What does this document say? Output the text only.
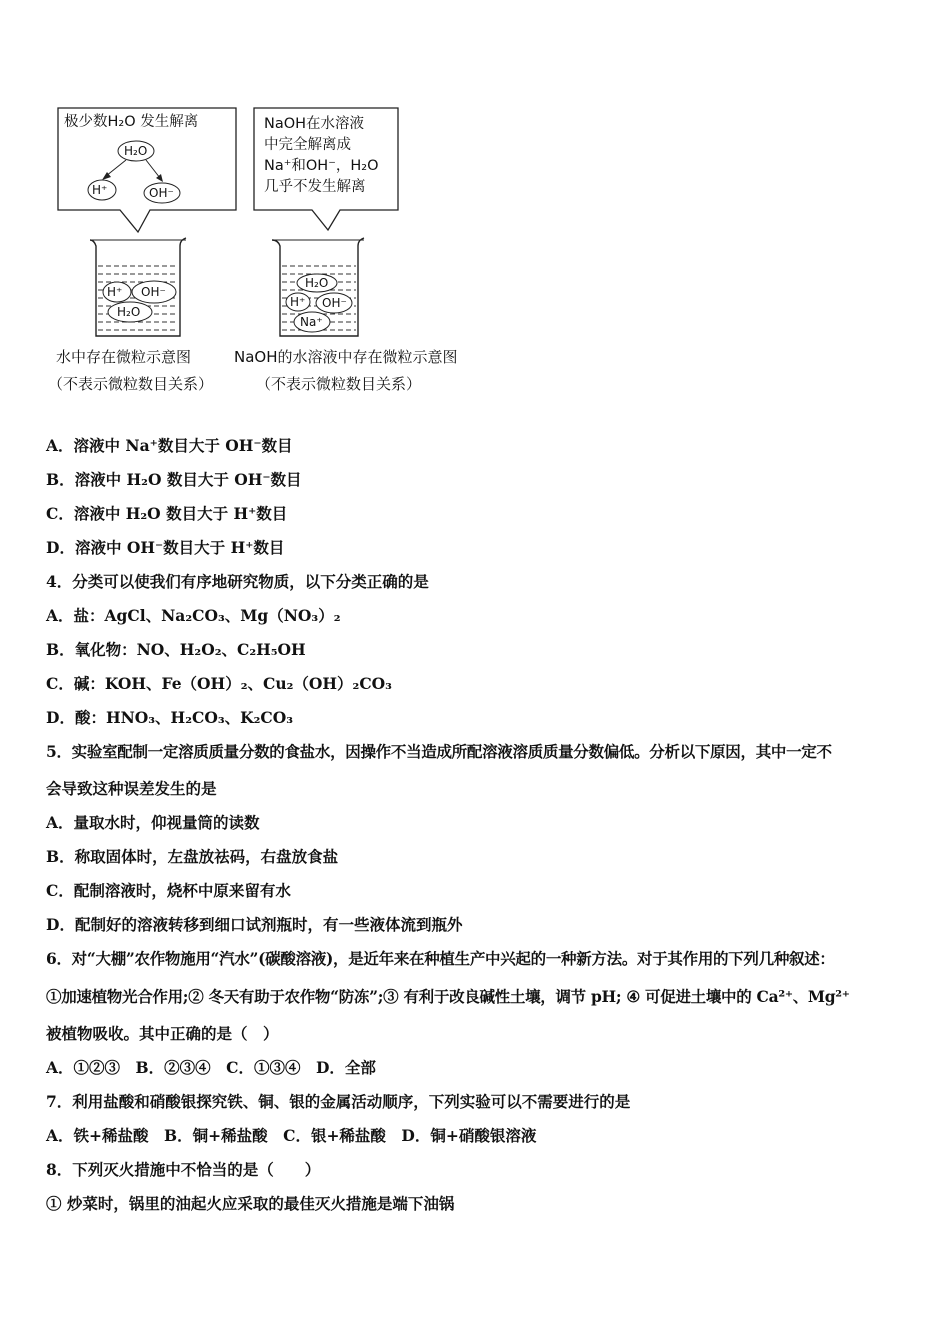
极少数H₂O 发生解离
H₂O
H⁺	OH⁻
NaOH在水溶液
中完全解离成
Na⁺和OH⁻，H₂O
几乎不发生解离
H⁺ OH⁻
H₂O
H₂O
H⁺ OH⁻
Na⁺
水中存在微粒示意图
（不表示微粒数目关系）
NaOH的水溶液中存在微粒示意图
（不表示微粒数目关系）
A．溶液中 Na⁺数目大于 OH⁻数目
B．溶液中 H₂O 数目大于 OH⁻数目
C．溶液中 H₂O 数目大于 H⁺数目
D．溶液中 OH⁻数目大于 H⁺数目
4．分类可以使我们有序地研究物质，以下分类正确的是
A．盐：AgCl、Na₂CO₃、Mg（NO₃）₂
B．氧化物：NO、H₂O₂、C₂H₅OH
C．碱：KOH、Fe（OH）₂、Cu₂（OH）₂CO₃
D．酸：HNO₃、H₂CO₃、K₂CO₃
5．实验室配制一定溶质质量分数的食盐水，因操作不当造成所配溶液溶质质量分数偏低。分析以下原因，其中一定不
会导致这种误差发生的是
A．量取水时，仰视量筒的读数
B．称取固体时，左盘放祛码，右盘放食盐
C．配制溶液时，烧杯中原来留有水
D．配制好的溶液转移到细口试剂瓶时，有一些液体流到瓶外
6．对“大棚”农作物施用“汽水”(碳酸溶液)，是近年来在种植生产中兴起的一种新方法。对于其作用的下列几种叙述：
①加速植物光合作用;② 冬天有助于农作物“防冻”;③ 有利于改良碱性土壤，调节 pH; ④ 可促进土壤中的 Ca²⁺、Mg²⁺
被植物吸收。其中正确的是（　）
A．①②③　B．②③④　C．①③④　D．全部
7．利用盐酸和硝酸银探究铁、铜、银的金属活动顺序，下列实验可以不需要进行的是
A．铁+稀盐酸　B．铜+稀盐酸　C．银+稀盐酸　D．铜+硝酸银溶液
8．下列灭火措施中不恰当的是（　　）
① 炒菜时，锅里的油起火应采取的最佳灭火措施是端下油锅
